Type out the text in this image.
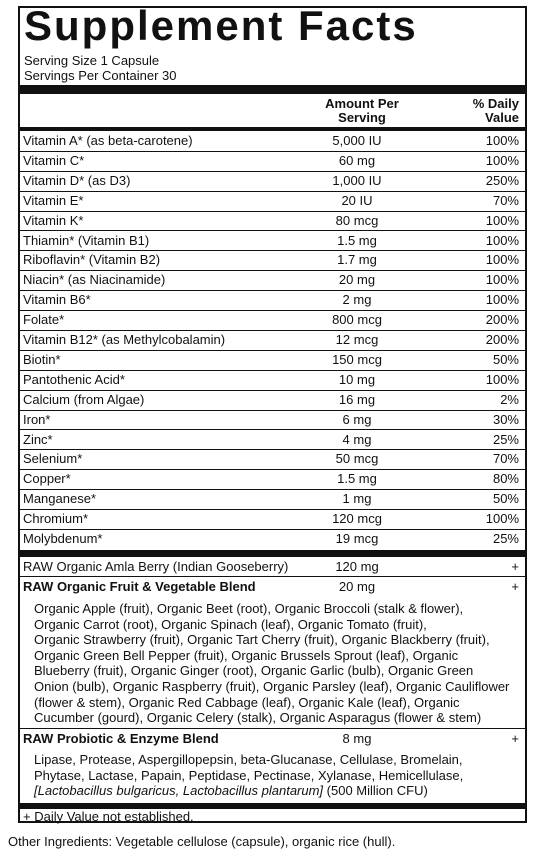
Supplement Facts
Serving Size 1 Capsule
Servings Per Container 30
Amount Per Serving
% Daily Value
Vitamin A* (as beta-carotene)	5,000 IU	100%
Vitamin C*	60 mg	100%
Vitamin D* (as D3)	1,000 IU	250%
Vitamin E*	20 IU	70%
Vitamin K*	80 mcg	100%
Thiamin* (Vitamin B1)	1.5 mg	100%
Riboflavin* (Vitamin B2)	1.7 mg	100%
Niacin* (as Niacinamide)	20 mg	100%
Vitamin B6*	2 mg	100%
Folate*	800 mcg	200%
Vitamin B12* (as Methylcobalamin)	12 mcg	200%
Biotin*	150 mcg	50%
Pantothenic Acid*	10 mg	100%
Calcium (from Algae)	16 mg	2%
Iron*	6 mg	30%
Zinc*	4 mg	25%
Selenium*	50 mcg	70%
Copper*	1.5 mg	80%
Manganese*	1 mg	50%
Chromium*	120 mcg	100%
Molybdenum*	19 mcg	25%
RAW Organic Amla Berry (Indian Gooseberry)	120 mg	+
RAW Organic Fruit & Vegetable Blend	20 mg	+
Organic Apple (fruit), Organic Beet (root), Organic Broccoli (stalk & flower),
Organic Carrot (root), Organic Spinach (leaf), Organic Tomato (fruit),
Organic Strawberry (fruit), Organic Tart Cherry (fruit), Organic Blackberry (fruit),
Organic Green Bell Pepper (fruit), Organic Brussels Sprout (leaf), Organic
Blueberry (fruit), Organic Ginger (root), Organic Garlic (bulb), Organic Green
Onion (bulb), Organic Raspberry (fruit), Organic Parsley (leaf), Organic Cauliflower
(flower & stem), Organic Red Cabbage (leaf), Organic Kale (leaf), Organic
Cucumber (gourd), Organic Celery (stalk), Organic Asparagus (flower & stem)
RAW Probiotic & Enzyme Blend	8 mg	+
Lipase, Protease, Aspergillopepsin, beta-Glucanase, Cellulase, Bromelain,
Phytase, Lactase, Papain, Peptidase, Pectinase, Xylanase, Hemicellulase,
[Lactobacillus bulgaricus, Lactobacillus plantarum] (500 Million CFU)
+ Daily Value not established.
Other Ingredients: Vegetable cellulose (capsule), organic rice (hull).
